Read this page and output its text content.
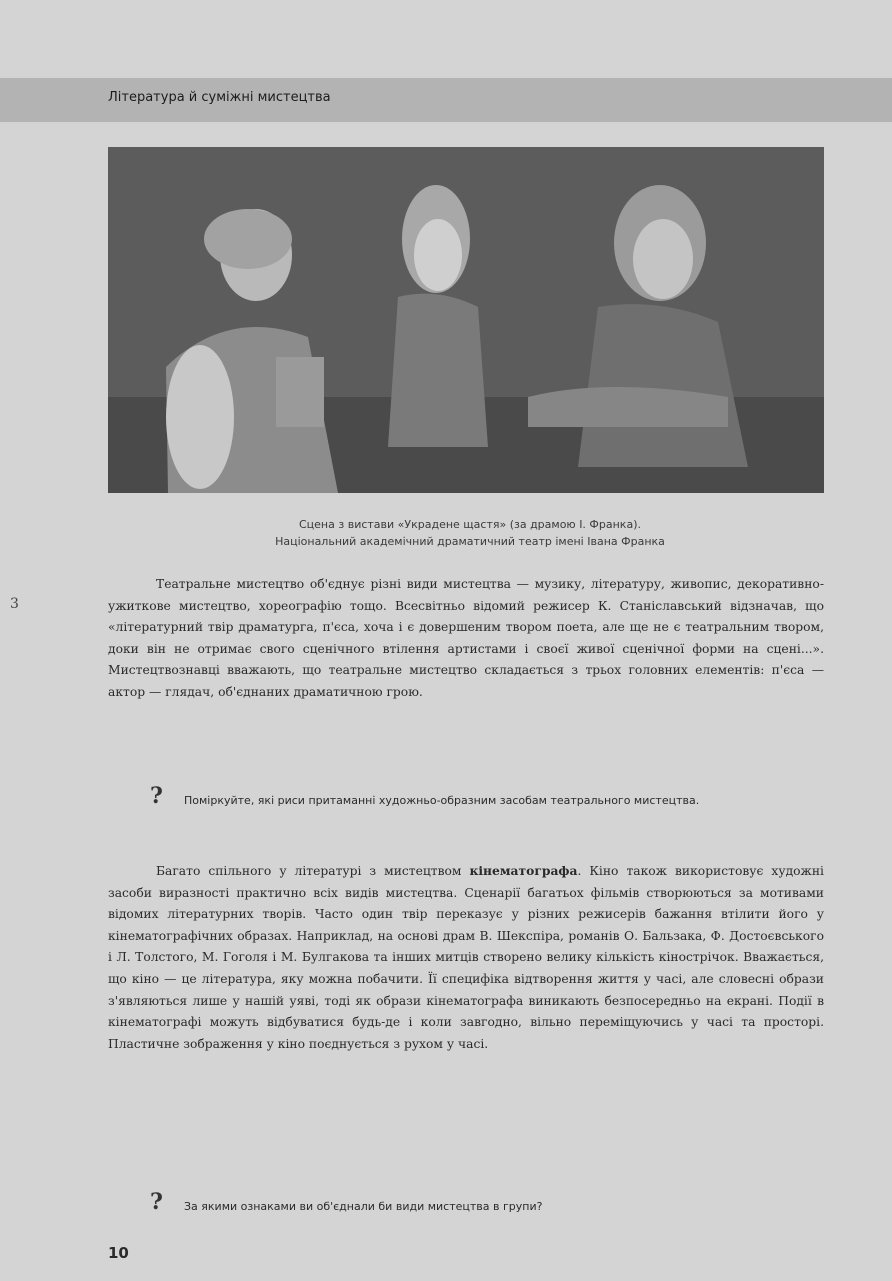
Література й суміжні мистецтва
Сцена з вистави «Украдене щастя» (за драмою І. Франка).
Національний академічний драматичний театр імені Івана Франка
3

Театральне мистецтво об'єднує різні види мистецтва — музику, літературу, живопис, декоративно-ужиткове мистецтво, хореографію тощо. Всесвітньо відомий режисер К. Станіславський відзначав, що «літературний твір драматурга, п'єса, хоча і є довершеним твором поета, але ще не є театральним твором, доки він не отримає свого сценічного втілення артистами і своєї живої сценічної форми на сцені...». Мистецтвознавці вважають, що театральне мистецтво складається з трьох головних елементів: п'єса — актор — глядач, об'єднаних драматичною грою.

? Поміркуйте, які риси притаманні художньо-образним засобам театрального мистецтва.

Багато спільного у літературі з мистецтвом кінематографа. Кіно також використовує художні засоби виразності практично всіх видів мистецтва. Сценарії багатьох фільмів створюються за мотивами відомих літературних творів. Часто один твір переказує у різних режисерів бажання втілити його у кінематографічних образах. Наприклад, на основі драм В. Шекспіра, романів О. Бальзака, Ф. Достоєвського і Л. Толстого, М. Гоголя і М. Булгакова та інших митців створено велику кількість кінострічок. Вважається, що кіно — це література, яку можна побачити. Її специфіка відтворення життя у часі, але словесні образи з'являються лише у нашій уяві, тоді як образи кінематографа виникають безпосередньо на екрані. Події в кінематографі можуть відбуватися будь-де і коли завгодно, вільно переміщуючись у часі та просторі. Пластичне зображення у кіно поєднується з рухом у часі.

? За якими ознаками ви об'єднали би види мистецтва в групи?
10
